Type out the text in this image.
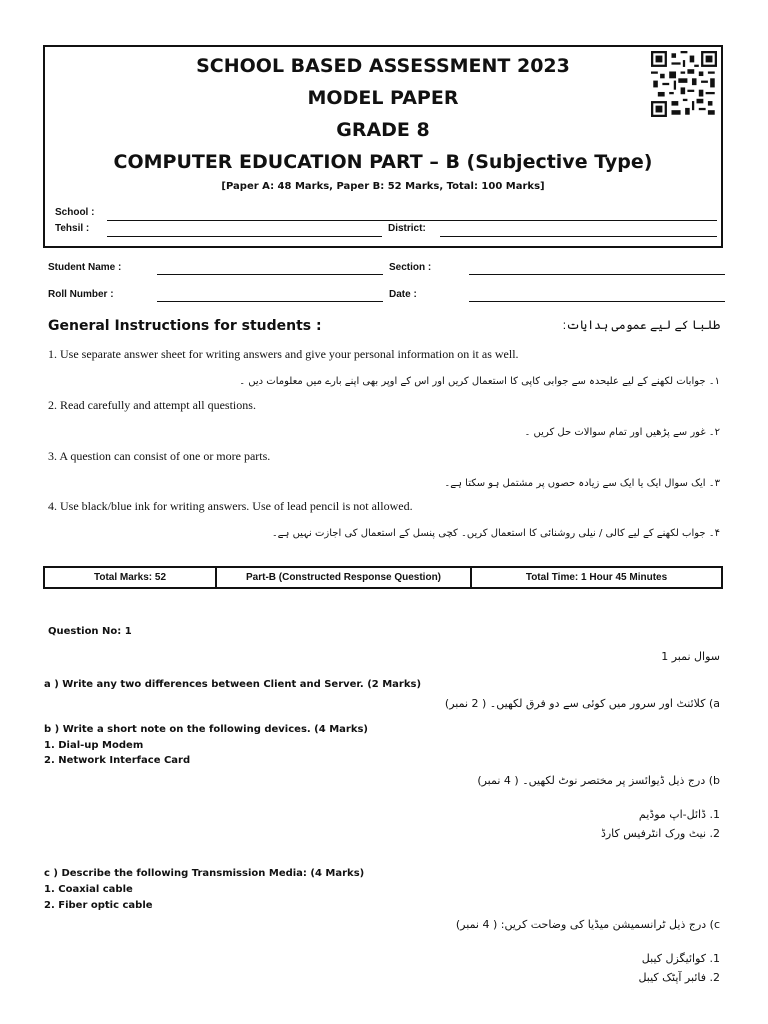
SCHOOL BASED ASSESSMENT 2023
MODEL PAPER
GRADE 8
COMPUTER EDUCATION PART – B (Subjective Type)
[Paper A: 48 Marks, Paper B: 52 Marks, Total: 100 Marks]
School :
Tehsil :	District:
Student Name :	Section :
Roll Number :	Date :
General Instructions for students :	طلبا کے لیے عمومی ہدایات:
1. Use separate answer sheet for writing answers and give your personal information on it as well.
۱۔ جوابات لکھنے کے لیے علیحدہ سے جوابی کاپی کا استعمال کریں اور اس کے اوپر بھی اپنے بارے میں معلومات دیں ۔
2. Read carefully and attempt all questions.
۲۔ غور سے پڑھیں اور تمام سوالات حل کریں ۔
3. A question can consist of one or more parts.
۳۔ ایک سوال ایک یا ایک سے زیادہ حصوں پر مشتمل ہو سکتا ہے۔
4. Use black/blue ink for writing answers. Use of lead pencil is not allowed.
۴۔ جواب لکھنے کے لیے کالی / نیلی روشنائی کا استعمال کریں۔ کچی پنسل کے استعمال کی اجازت نہیں ہے۔
Total Marks: 52	Part-B (Constructed Response Question)	Total Time: 1 Hour 45 Minutes
Question No: 1
سوال نمبر 1
a ) Write any two differences between Client and Server. (2 Marks)
a) کلائنٹ اور سرور میں کوئی سے دو فرق لکھیں۔ ( 2 نمبر)
b ) Write a short note on the following devices. (4 Marks)
1. Dial-up Modem
2. Network Interface Card
b) درج ذیل ڈیوائسز پر مختصر نوٹ لکھیں۔ ( 4 نمبر)
1. ڈائل-اپ موڈیم
2. نیٹ ورک انٹرفیس کارڈ
c ) Describe the following Transmission Media: (4 Marks)
1. Coaxial cable
2. Fiber optic cable
c) درج ذیل ٹرانسمیشن میڈیا کی وضاحت کریں: ( 4 نمبر)
1. کوائیگزل کیبل
2. فائبر آپٹک کیبل
